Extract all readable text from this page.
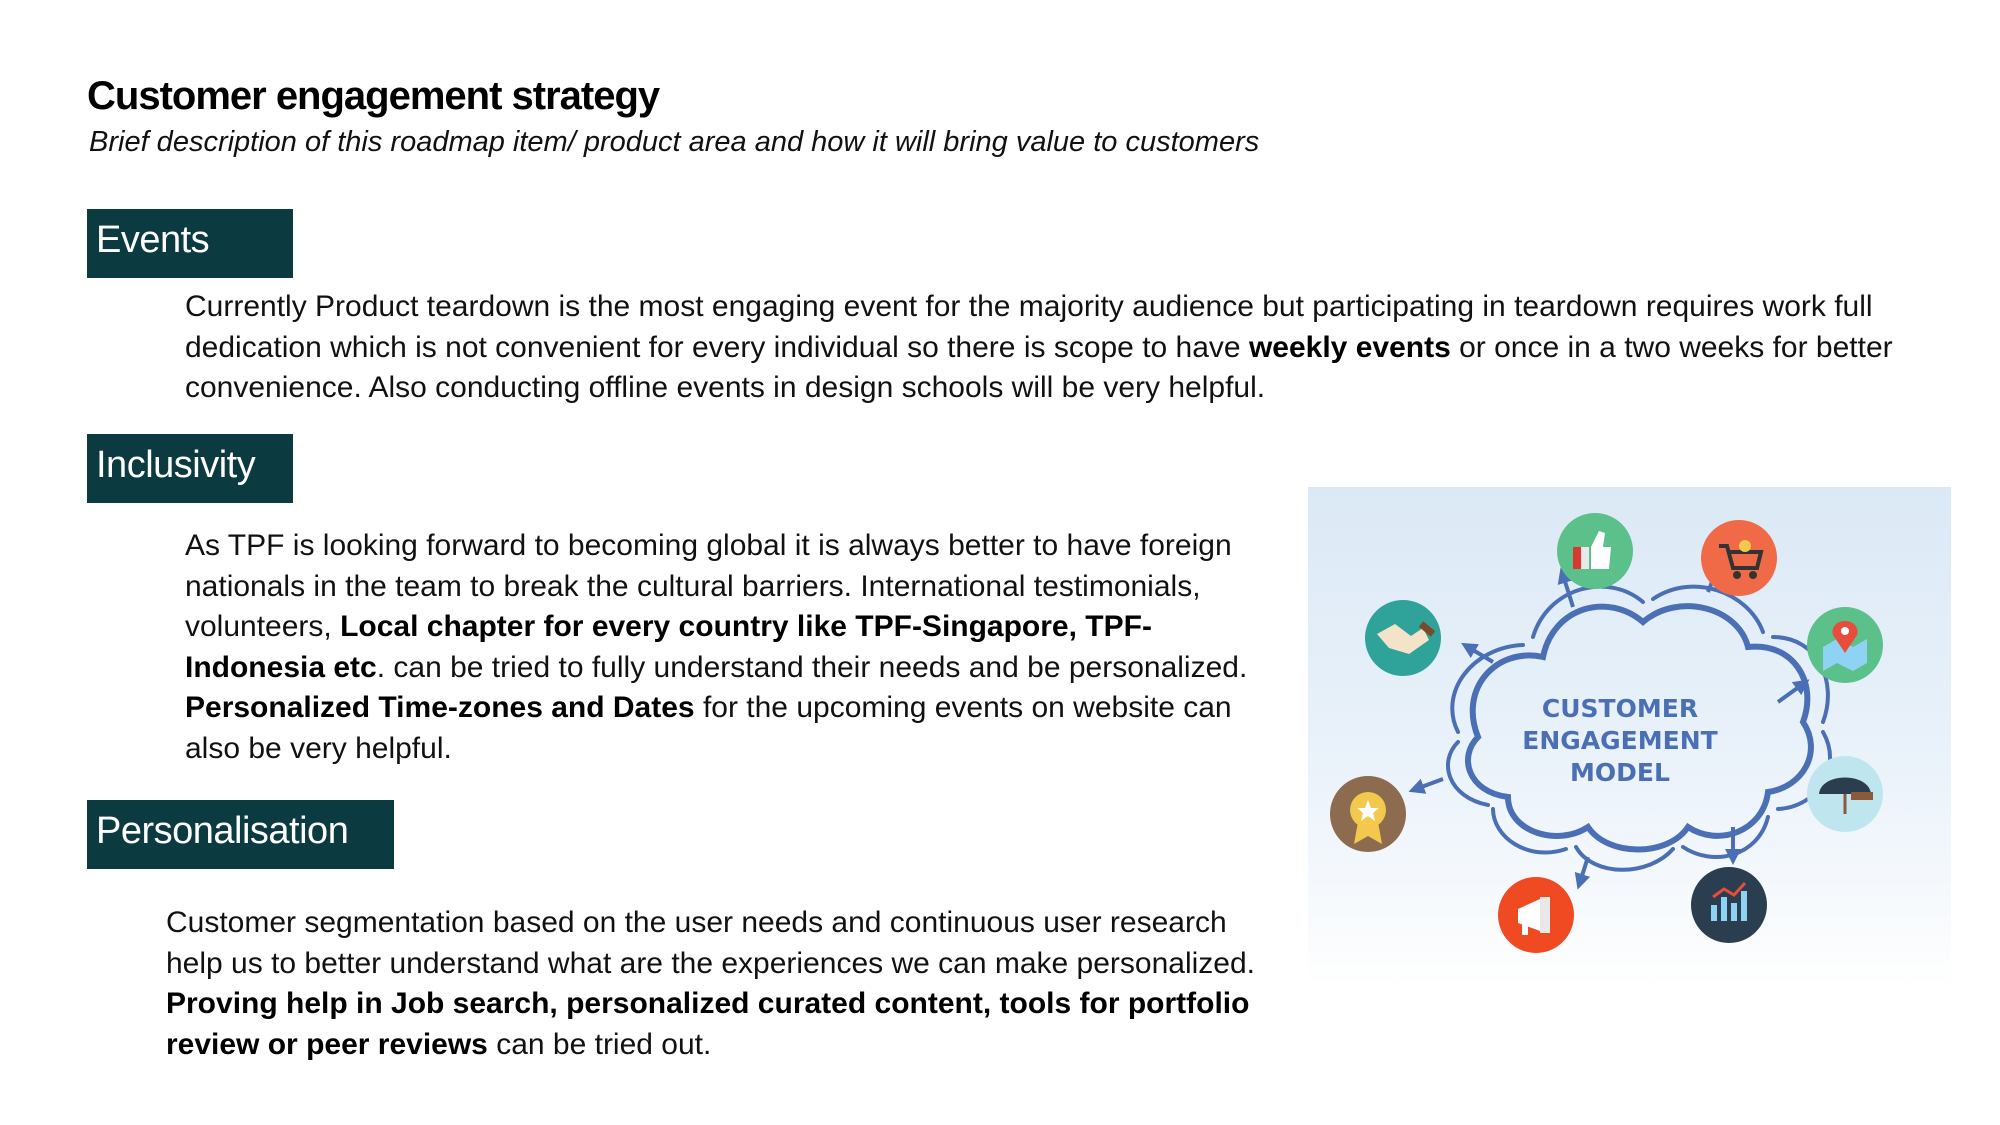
Customer engagement strategy

Brief description of this roadmap item/ product area and how it will bring value to customers

Events

Currently Product teardown is the most engaging event for the majority audience but participating in teardown requires work full dedication which is not convenient for every individual so there is scope to have weekly events or once in a two weeks for better convenience. Also conducting offline events in design schools will be very helpful.

Inclusivity

As TPF is looking forward to becoming global it is always better to have foreign nationals in the team to break the cultural barriers. International testimonials, volunteers, Local chapter for every country like TPF-Singapore, TPF-Indonesia etc. can be tried to fully understand their needs and be personalized. Personalized Time-zones and Dates for the upcoming events on website can also be very helpful.

Personalisation

Customer segmentation based on the user needs and continuous user research help us to better understand what are the experiences we can make personalized. Proving help in Job search, personalized curated content, tools for portfolio review or peer reviews can be tried out.

CUSTOMER
ENGAGEMENT
MODEL
